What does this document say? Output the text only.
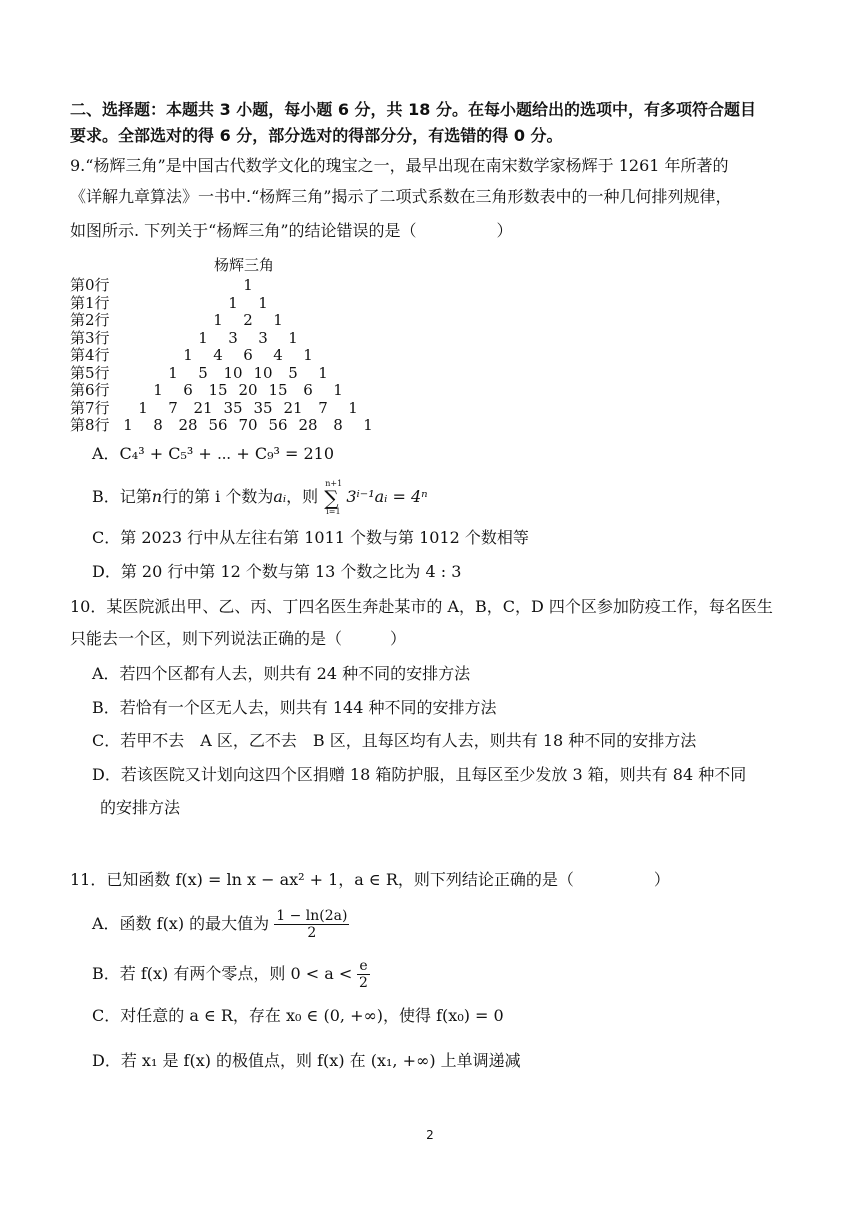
二、选择题：本题共 3 小题，每小题 6 分，共 18 分。在每小题给出的选项中，有多项符合题目
要求。全部选对的得 6 分，部分选对的得部分分，有选错的得 0 分。
9.“杨辉三角”是中国古代数学文化的瑰宝之一，最早出现在南宋数学家杨辉于 1261 年所著的
《详解九章算法》一书中.“杨辉三角”揭示了二项式系数在三角形数表中的一种几何排列规律，
如图所示. 下列关于“杨辉三角”的结论错误的是（　　　　　）
杨辉三角
第0行	1
第1行	1 1
第2行	1 2 1
第3行	1 3 3 1
第4行	1 4 6 4 1
第5行	1 5 10 10 5 1
第6行	1 6 15 20 15 6 1
第7行 1 7 21 35 35 21 7 1
第8行 1 8 28 56 70 56 28 8 1
A．C₄³ + C₅³ + ⋯ + C₉³ = 210
B．记第n行的第 i 个数为aᵢ，则
n+1
∑
i=1
3ⁱ⁻¹aᵢ = 4ⁿ
C．第 2023 行中从左往右第 1011 个数与第 1012 个数相等
D．第 20 行中第 12 个数与第 13 个数之比为 4 : 3
10．某医院派出甲、乙、丙、丁四名医生奔赴某市的 A，B，C，D 四个区参加防疫工作，每名医生
只能去一个区，则下列说法正确的是（　　　）
A．若四个区都有人去，则共有 24 种不同的安排方法
B．若恰有一个区无人去，则共有 144 种不同的安排方法
C．若甲不去　A 区，乙不去　B 区，且每区均有人去，则共有 18 种不同的安排方法
D．若该医院又计划向这四个区捐赠 18 箱防护服，且每区至少发放 3 箱，则共有 84 种不同
的安排方法
11．已知函数 f(x) = ln x − ax² + 1，a ∈ R，则下列结论正确的是（　　　　　）
A．函数 f(x) 的最大值为 $\frac{1 - \ln(2a)}{2}$
B．若 f(x) 有两个零点，则 $0 < a < \frac{e}{2}$
C．对任意的 a ∈ R，存在 x₀ ∈ (0, +∞)，使得 f(x₀) = 0
D．若 x₁ 是 f(x) 的极值点，则 f(x) 在 (x₁, +∞) 上单调递减
2
